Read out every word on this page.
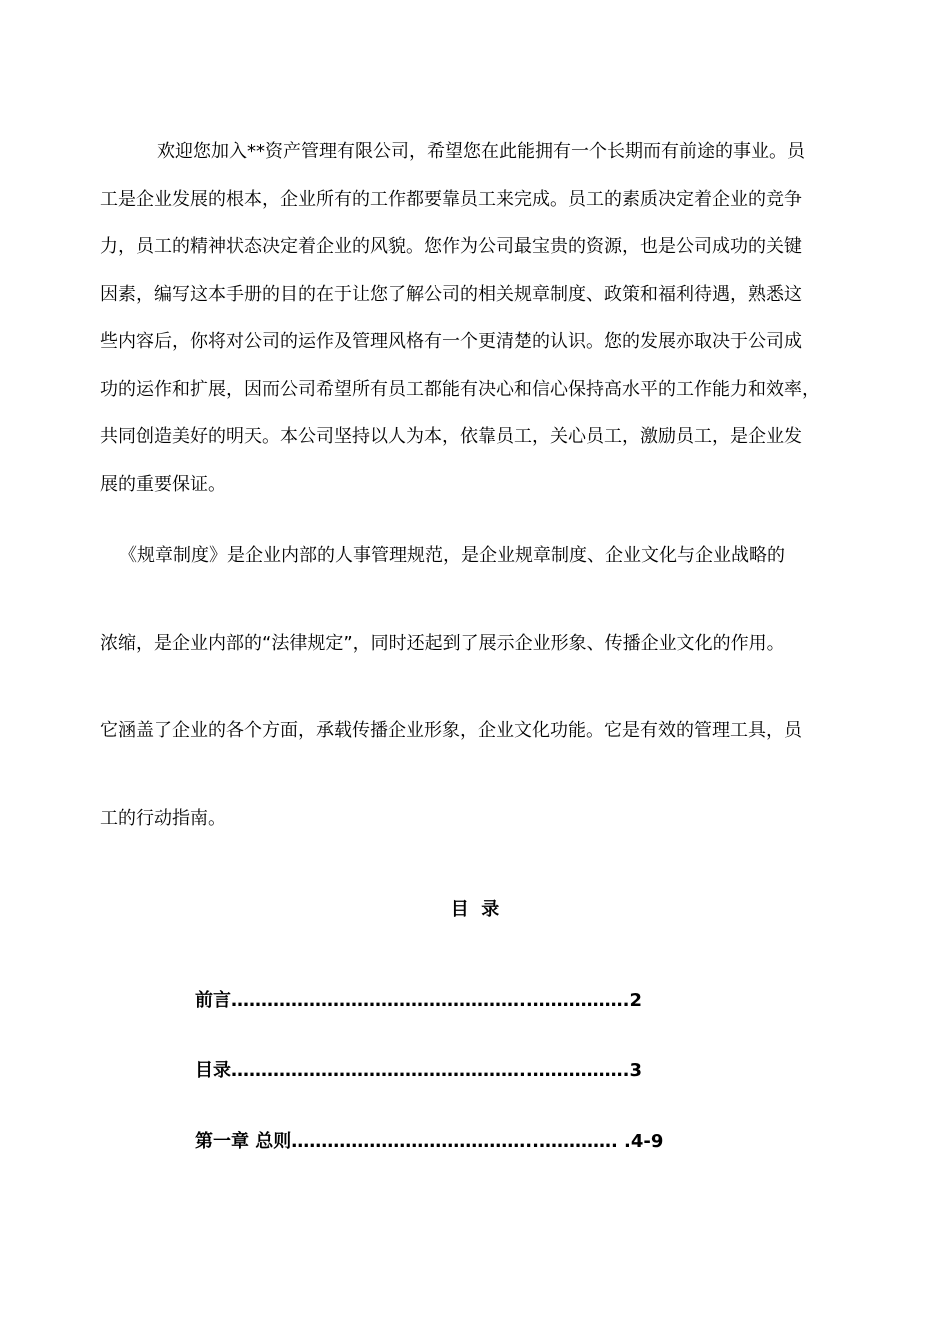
欢迎您加入**资产管理有限公司，希望您在此能拥有一个长期而有前途的事业。员

工是企业发展的根本，企业所有的工作都要靠员工来完成。员工的素质决定着企业的竞争

力，员工的精神状态决定着企业的风貌。您作为公司最宝贵的资源，也是公司成功的关键

因素，编写这本手册的目的在于让您了解公司的相关规章制度、政策和福利待遇，熟悉这

些内容后，你将对公司的运作及管理风格有一个更清楚的认识。您的发展亦取决于公司成

功的运作和扩展，因而公司希望所有员工都能有决心和信心保持高水平的工作能力和效率，

共同创造美好的明天。本公司坚持以人为本，依靠员工，关心员工，激励员工，是企业发

展的重要保证。

《规章制度》是企业内部的人事管理规范，是企业规章制度、企业文化与企业战略的

浓缩，是企业内部的“法律规定”，同时还起到了展示企业形象、传播企业文化的作用。

它涵盖了企业的各个方面，承载传播企业形象，企业文化功能。它是有效的管理工具，员

工的行动指南。

目  录
前言…………………………………………..…………….2
目录…………………………………………..…………….3
第一章 总则…………………………………..…………. .4-9
